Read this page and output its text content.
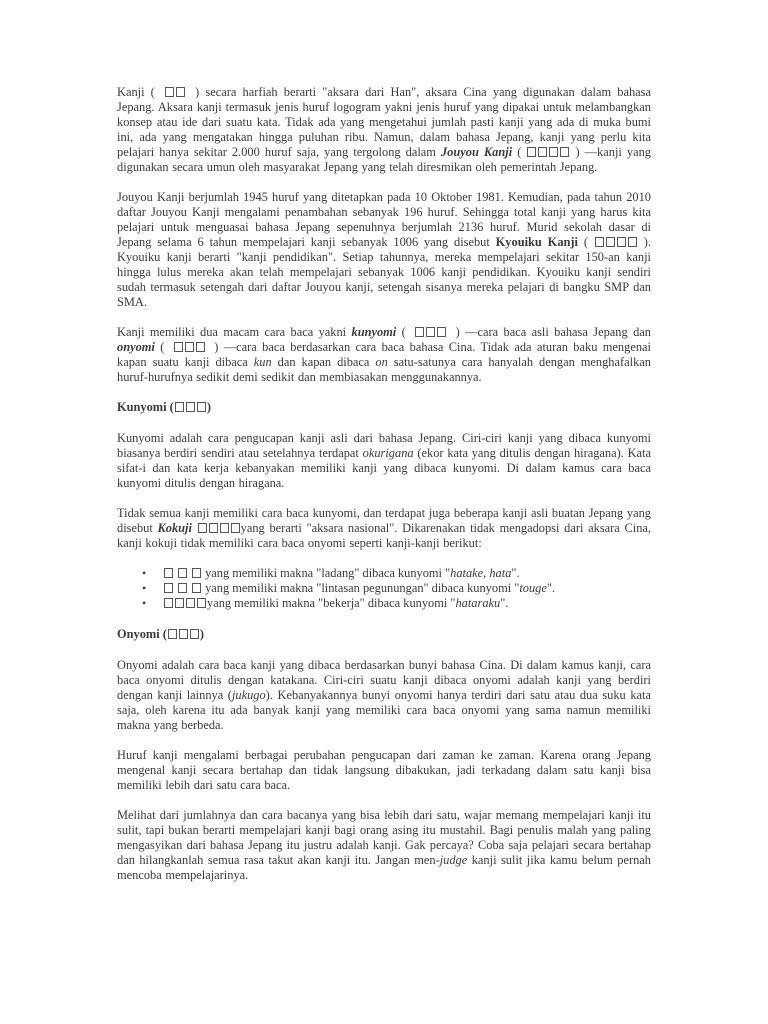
Kanji (	) secara harfiah berarti "aksara dari Han", aksara Cina yang digunakan dalam bahasa Jepang. Aksara kanji termasuk jenis huruf logogram yakni jenis huruf yang dipakai untuk melambangkan konsep atau ide dari suatu kata. Tidak ada yang mengetahui jumlah pasti kanji yang ada di muka bumi ini, ada yang mengatakan hingga puluhan ribu. Namun, dalam bahasa Jepang, kanji yang perlu kita pelajari hanya sekitar 2.000 huruf saja, yang tergolong dalam Jouyou Kanji (	) —kanji yang digunakan secara umun oleh masyarakat Jepang yang telah diresmikan oleh pemerintah Jepang.

Jouyou Kanji berjumlah 1945 huruf yang ditetapkan pada 10 Oktober 1981. Kemudian, pada tahun 2010 daftar Jouyou Kanji mengalami penambahan sebanyak 196 huruf. Sehingga total kanji yang harus kita pelajari untuk menguasai bahasa Jepang sepenuhnya berjumlah 2136 huruf. Murid sekolah dasar di Jepang selama 6 tahun mempelajari kanji sebanyak 1006 yang disebut Kyouiku Kanji (	). Kyouiku kanji berarti "kanji pendidikan". Setiap tahunnya, mereka mempelajari sekitar 150-an kanji hingga lulus mereka akan telah mempelajari sebanyak 1006 kanji pendidikan. Kyouiku kanji sendiri sudah termasuk setengah dari daftar Jouyou kanji, setengah sisanya mereka pelajari di bangku SMP dan SMA.

Kanji memiliki dua macam cara baca yakni kunyomi (	) —cara baca asli bahasa Jepang dan onyomi (	) —cara baca berdasarkan cara baca bahasa Cina. Tidak ada aturan baku mengenai kapan suatu kanji dibaca kun dan kapan dibaca on satu-satunya cara hanyalah dengan menghafalkan huruf-hurufnya sedikit demi sedikit dan membiasakan menggunakannya.

Kunyomi (	)

Kunyomi adalah cara pengucapan kanji asli dari bahasa Jepang. Ciri-ciri kanji yang dibaca kunyomi biasanya berdiri sendiri atau setelahnya terdapat okurigana (ekor kata yang ditulis dengan hiragana). Kata sifat-i dan kata kerja kebanyakan memiliki kanji yang dibaca kunyomi. Di dalam kamus cara baca kunyomi ditulis dengan hiragana.

Tidak semua kanji memiliki cara baca kunyomi, dan terdapat juga beberapa kanji asli buatan Jepang yang disebut Kokuji	yang berarti "aksara nasional". Dikarenakan tidak mengadopsi dari aksara Cina, kanji kokuji tidak memiliki cara baca onyomi seperti kanji-kanji berikut:

•	yang memiliki makna "ladang" dibaca kunyomi "hatake, hata".
•	yang memiliki makna "lintasan pegunungan" dibaca kunyomi "touge".
•	yang memiliki makna "bekerja" dibaca kunyomi "hataraku".
Onyomi (	)

Onyomi adalah cara baca kanji yang dibaca berdasarkan bunyi bahasa Cina. Di dalam kamus kanji, cara baca onyomi ditulis dengan katakana. Ciri-ciri suatu kanji dibaca onyomi adalah kanji yang berdiri dengan kanji lainnya (jukugo). Kebanyakannya bunyi onyomi hanya terdiri dari satu atau dua suku kata saja, oleh karena itu ada banyak kanji yang memiliki cara baca onyomi yang sama namun memiliki makna yang berbeda.

Huruf kanji mengalami berbagai perubahan pengucapan dari zaman ke zaman. Karena orang Jepang mengenal kanji secara bertahap dan tidak langsung dibakukan, jadi terkadang dalam satu kanji bisa memiliki lebih dari satu cara baca.

Melihat dari jumlahnya dan cara bacanya yang bisa lebih dari satu, wajar memang mempelajari kanji itu sulit, tapi bukan berarti mempelajari kanji bagi orang asing itu mustahil. Bagi penulis malah yang paling mengasyikan dari bahasa Jepang itu justru adalah kanji. Gak percaya? Coba saja pelajari secara bertahap dan hilangkanlah semua rasa takut akan kanji itu. Jangan men-judge kanji sulit jika kamu belum pernah mencoba mempelajarinya.
